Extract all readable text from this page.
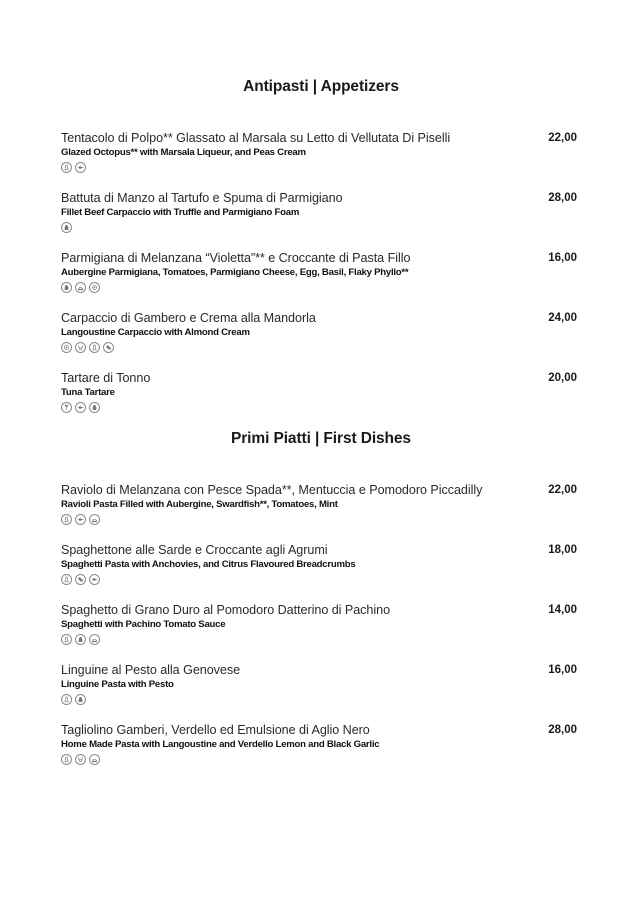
Antipasti | Appetizers
Tentacolo di Polpo** Glassato al Marsala su Letto di Vellutata Di Piselli
Glazed Octopus** with Marsala Liqueur, and Peas Cream
22,00
Battuta di Manzo al Tartufo e Spuma di Parmigiano
Fillet Beef Carpaccio with Truffle and Parmigiano Foam
28,00
Parmigiana di Melanzana “Violetta”** e Croccante di Pasta Fillo
Aubergine Parmigiana, Tomatoes, Parmigiano Cheese, Egg, Basil, Flaky Phyllo**
16,00
Carpaccio di Gambero e Crema alla Mandorla
Langoustine Carpaccio with Almond Cream
24,00
Tartare di Tonno
Tuna Tartare
20,00
Primi Piatti | First Dishes
Raviolo di Melanzana con Pesce Spada**, Mentuccia e Pomodoro Piccadilly
Ravioli Pasta Filled with Aubergine, Swardfish**, Tomatoes, Mint
22,00
Spaghettone alle Sarde e Croccante agli Agrumi
Spaghetti Pasta with Anchovies, and Citrus Flavoured Breadcrumbs
18,00
Spaghetto di Grano Duro al Pomodoro Datterino di Pachino
Spaghetti with Pachino Tomato Sauce
14,00
Linguine al Pesto alla Genovese
Linguine Pasta with Pesto
16,00
Tagliolino Gamberi, Verdello ed Emulsione di Aglio Nero
Home Made Pasta with Langoustine and Verdello Lemon and Black Garlic
28,00
